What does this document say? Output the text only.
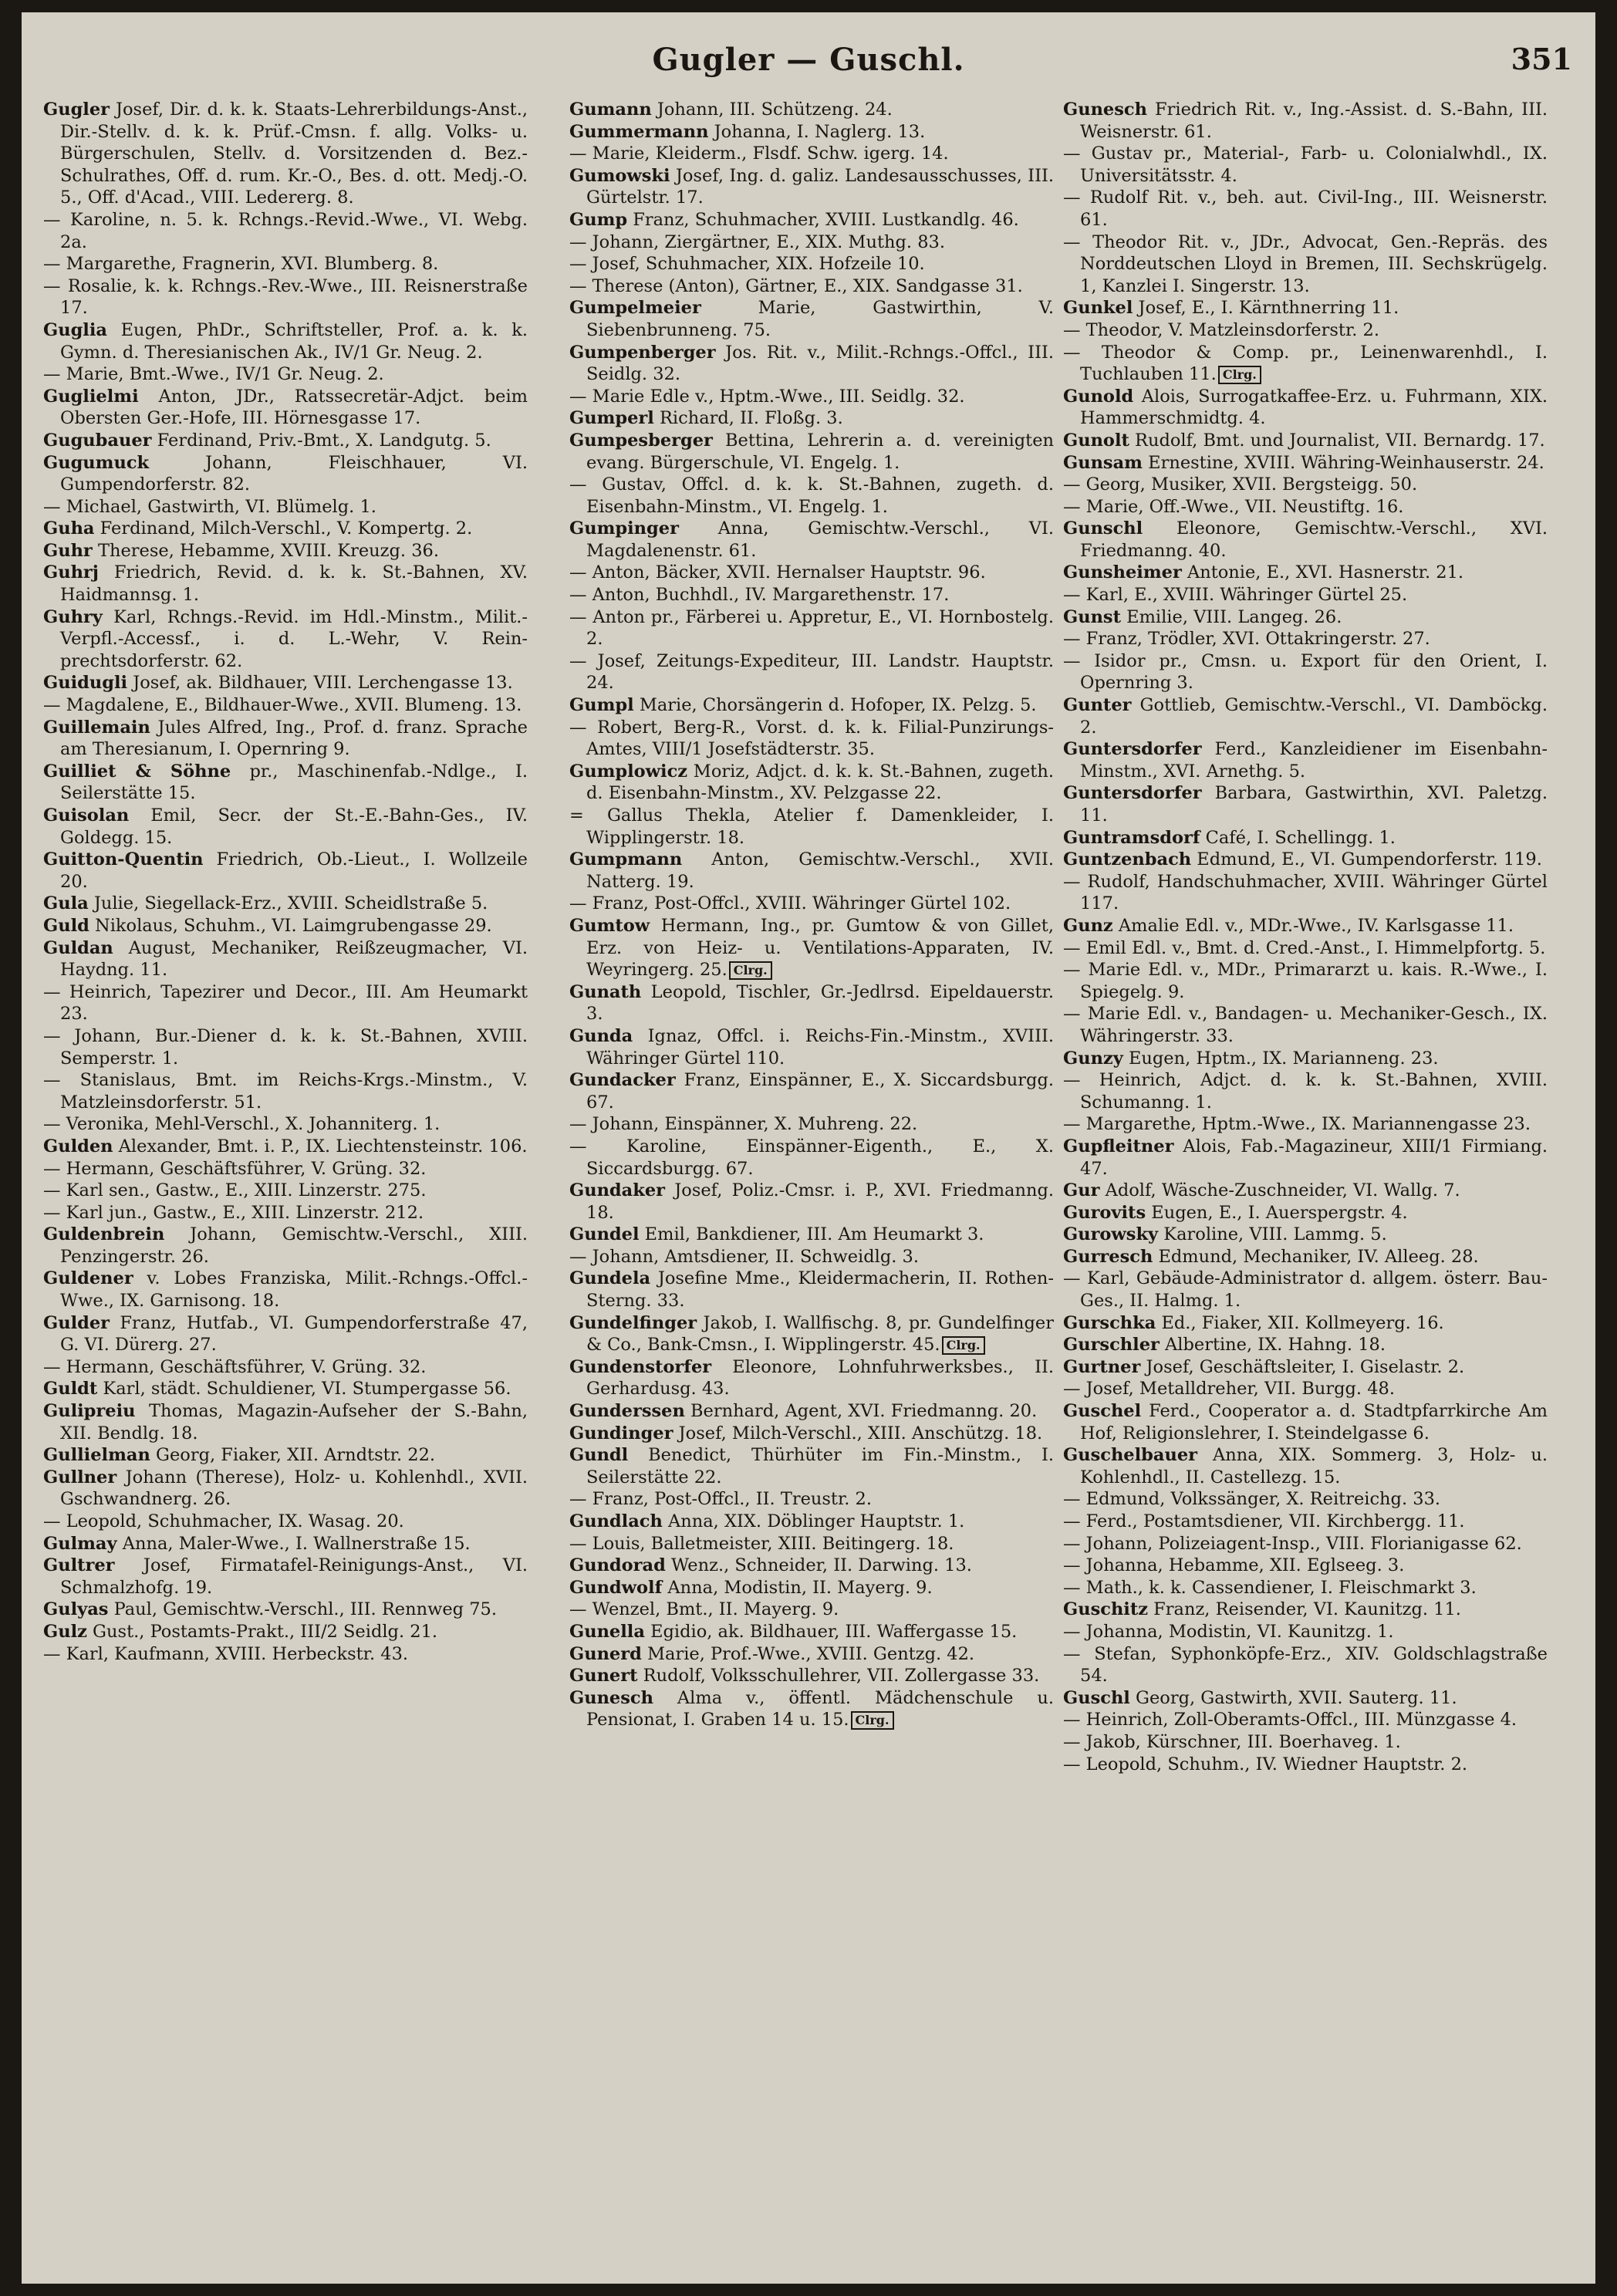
Gugler — Guschl.	351

Gugler Josef, Dir. d. k. k. Staats-Lehrerbildungs-Anst., Dir.-Stellv. d. k. k. Prüf.-Cmsn. f. allg. Volks- u. Bürgerschulen, Stellv. d. Vorsitzenden d. Bez.-Schulrathes, Off. d. rum. Kr.-O., Bes. d. ott. Medj.-O. 5., Off. d'Acad., VIII. Ledererg. 8.

— Karoline, n. 5. k. Rchngs.-Revid.-Wwe., VI. Webg. 2a.

— Margarethe, Fragnerin, XVI. Blumberg. 8.

— Rosalie, k. k. Rchngs.-Rev.-Wwe., III. Reisnerstraße 17.

Guglia Eugen, PhDr., Schriftsteller, Prof. a. k. k. Gymn. d. Theresianischen Ak., IV/1 Gr. Neug. 2.

— Marie, Bmt.-Wwe., IV/1 Gr. Neug. 2.

Guglielmi Anton, JDr., Ratssecretär-Adjct. beim Obersten Ger.-Hofe, III. Hörnesgasse 17.

Gugubauer Ferdinand, Priv.-Bmt., X. Landgutg. 5.

Gugumuck Johann, Fleischhauer, VI. Gumpendorferstr. 82.

— Michael, Gastwirth, VI. Blümelg. 1.

Guha Ferdinand, Milch-Verschl., V. Kompertg. 2.

Guhr Therese, Hebamme, XVIII. Kreuzg. 36.

Guhrj Friedrich, Revid. d. k. k. St.-Bahnen, XV. Haidmannsg. 1.

Guhry Karl, Rchngs.-Revid. im Hdl.-Minstm., Milit.-Verpfl.-Accessf., i. d. L.-Wehr, V. Reinprechtsdorferstr. 62.

Guidugli Josef, ak. Bildhauer, VIII. Lerchengasse 13.

— Magdalene, E., Bildhauer-Wwe., XVII. Blumeng. 13.

Guillemain Jules Alfred, Ing., Prof. d. franz. Sprache am Theresianum, I. Opernring 9.

Guilliet & Söhne pr., Maschinenfab.-Ndlge., I. Seilerstätte 15.

Guisolan Emil, Secr. der St.-E.-Bahn-Ges., IV. Goldegg. 15.

Guitton-Quentin Friedrich, Ob.-Lieut., I. Wollzeile 20.

Gula Julie, Siegellack-Erz., XVIII. Scheidlstraße 5.

Guld Nikolaus, Schuhm., VI. Laimgrubengasse 29.

Guldan August, Mechaniker, Reißzeugmacher, VI. Haydng. 11.

— Heinrich, Tapezirer und Decor., III. Am Heumarkt 23.

— Johann, Bur.-Diener d. k. k. St.-Bahnen, XVIII. Semperstr. 1.

— Stanislaus, Bmt. im Reichs-Krgs.-Minstm., V. Matzleinsdorferstr. 51.

— Veronika, Mehl-Verschl., X. Johanniterg. 1.

Gulden Alexander, Bmt. i. P., IX. Liechtensteinstr. 106.

— Hermann, Geschäftsführer, V. Grüng. 32.

— Karl sen., Gastw., E., XIII. Linzerstr. 275.

— Karl jun., Gastw., E., XIII. Linzerstr. 212.

Guldenbrein Johann, Gemischtw.-Verschl., XIII. Penzingerstr. 26.

Guldener v. Lobes Franziska, Milit.-Rchngs.-Offcl.-Wwe., IX. Garnisong. 18.

Gulder Franz, Hutfab., VI. Gumpendorferstraße 47, G. VI. Dürerg. 27.

— Hermann, Geschäftsführer, V. Grüng. 32.

Guldt Karl, städt. Schuldiener, VI. Stumpergasse 56.

Gulipreiu Thomas, Magazin-Aufseher der S.-Bahn, XII. Bendlg. 18.

Gullielman Georg, Fiaker, XII. Arndtstr. 22.

Gullner Johann (Therese), Holz- u. Kohlenhdl., XVII. Gschwandnerg. 26.

— Leopold, Schuhmacher, IX. Wasag. 20.

Gulmay Anna, Maler-Wwe., I. Wallnerstraße 15.

Gultrer Josef, Firmatafel-Reinigungs-Anst., VI. Schmalzhofg. 19.

Gulyas Paul, Gemischtw.-Verschl., III. Rennweg 75.

Gulz Gust., Postamts-Prakt., III/2 Seidlg. 21.

— Karl, Kaufmann, XVIII. Herbeckstr. 43.

Gumann Johann, III. Schützeng. 24.

Gummermann Johanna, I. Naglerg. 13.

— Marie, Kleiderm., Flsdf. Schw. igerg. 14.

Gumowski Josef, Ing. d. galiz. Landesausschusses, III. Gürtelstr. 17.

Gump Franz, Schuhmacher, XVIII. Lustkandlg. 46.

— Johann, Ziergärtner, E., XIX. Muthg. 83.

— Josef, Schuhmacher, XIX. Hofzeile 10.

— Therese (Anton), Gärtner, E., XIX. Sandgasse 31.

Gumpelmeier Marie, Gastwirthin, V. Siebenbrunneng. 75.

Gumpenberger Jos. Rit. v., Milit.-Rchngs.-Offcl., III. Seidlg. 32.

— Marie Edle v., Hptm.-Wwe., III. Seidlg. 32.

Gumperl Richard, II. Floßg. 3.

Gumpesberger Bettina, Lehrerin a. d. vereinigten evang. Bürgerschule, VI. Engelg. 1.

— Gustav, Offcl. d. k. k. St.-Bahnen, zugeth. d. Eisenbahn-Minstm., VI. Engelg. 1.

Gumpinger Anna, Gemischtw.-Verschl., VI. Magdalenenstr. 61.

— Anton, Bäcker, XVII. Hernalser Hauptstr. 96.

— Anton, Buchhdl., IV. Margarethenstr. 17.

— Anton pr., Färberei u. Appretur, E., VI. Hornbostelg. 2.

— Josef, Zeitungs-Expediteur, III. Landstr. Hauptstr. 24.

Gumpl Marie, Chorsängerin d. Hofoper, IX. Pelzg. 5.

— Robert, Berg-R., Vorst. d. k. k. Filial-Punzirungs-Amtes, VIII/1 Josefstädterstr. 35.

Gumplowicz Moriz, Adjct. d. k. k. St.-Bahnen, zugeth. d. Eisenbahn-Minstm., XV. Pelzgasse 22.

= Gallus Thekla, Atelier f. Damenkleider, I. Wipplingerstr. 18.

Gumpmann Anton, Gemischtw.-Verschl., XVII. Natterg. 19.

— Franz, Post-Offcl., XVIII. Währinger Gürtel 102.

Gumtow Hermann, Ing., pr. Gumtow & von Gillet, Erz. von Heiz- u. Ventilations-Apparaten, IV. Weyringerg. 25. Clrg.

Gunath Leopold, Tischler, Gr.-Jedlrsd. Eipeldauerstr. 3.

Gunda Ignaz, Offcl. i. Reichs-Fin.-Minstm., XVIII. Währinger Gürtel 110.

Gundacker Franz, Einspänner, E., X. Siccardsburgg. 67.

— Johann, Einspänner, X. Muhreng. 22.

— Karoline, Einspänner-Eigenth., E., X. Siccardsburgg. 67.

Gundaker Josef, Poliz.-Cmsr. i. P., XVI. Friedmanng. 18.

Gundel Emil, Bankdiener, III. Am Heumarkt 3.

— Johann, Amtsdiener, II. Schweidlg. 3.

Gundela Josefine Mme., Kleidermacherin, II. Rothen-Sterng. 33.

Gundelfinger Jakob, I. Wallfischg. 8, pr. Gundelfinger & Co., Bank-Cmsn., I. Wipplingerstr. 45. Clrg.

Gundenstorfer Eleonore, Lohnfuhrwerksbes., II. Gerhardusg. 43.

Gunderssen Bernhard, Agent, XVI. Friedmanng. 20.

Gundinger Josef, Milch-Verschl., XIII. Anschützg. 18.

Gundl Benedict, Thürhüter im Fin.-Minstm., I. Seilerstätte 22.

— Franz, Post-Offcl., II. Treustr. 2.

Gundlach Anna, XIX. Döblinger Hauptstr. 1.

— Louis, Balletmeister, XIII. Beitingerg. 18.

Gundorad Wenz., Schneider, II. Darwing. 13.

Gundwolf Anna, Modistin, II. Mayerg. 9.

— Wenzel, Bmt., II. Mayerg. 9.

Gunella Egidio, ak. Bildhauer, III. Waffergasse 15.

Gunerd Marie, Prof.-Wwe., XVIII. Gentzg. 42.

Gunert Rudolf, Volksschullehrer, VII. Zollergasse 33.

Gunesch Alma v., öffentl. Mädchenschule u. Pensionat, I. Graben 14 u. 15. Clrg.

Gunesch Friedrich Rit. v., Ing.-Assist. d. S.-Bahn, III. Weisnerstr. 61.

— Gustav pr., Material-, Farb- u. Colonialwhdl., IX. Universitätsstr. 4.

— Rudolf Rit. v., beh. aut. Civil-Ing., III. Weisnerstr. 61.

— Theodor Rit. v., JDr., Advocat, Gen.-Repräs. des Norddeutschen Lloyd in Bremen, III. Sechskrügelg. 1, Kanzlei I. Singerstr. 13.

Gunkel Josef, E., I. Kärnthnerring 11.

— Theodor, V. Matzleinsdorferstr. 2.

— Theodor & Comp. pr., Leinenwarenhdl., I. Tuchlauben 11. Clrg.

Gunold Alois, Surrogatkaffee-Erz. u. Fuhrmann, XIX. Hammerschmidtg. 4.

Gunolt Rudolf, Bmt. und Journalist, VII. Bernardg. 17.

Gunsam Ernestine, XVIII. Währing-Weinhauserstr. 24.

— Georg, Musiker, XVII. Bergsteigg. 50.

— Marie, Off.-Wwe., VII. Neustiftg. 16.

Gunschl Eleonore, Gemischtw.-Verschl., XVI. Friedmanng. 40.

Gunsheimer Antonie, E., XVI. Hasnerstr. 21.

— Karl, E., XVIII. Währinger Gürtel 25.

Gunst Emilie, VIII. Langeg. 26.

— Franz, Trödler, XVI. Ottakringerstr. 27.

— Isidor pr., Cmsn. u. Export für den Orient, I. Opernring 3.

Gunter Gottlieb, Gemischtw.-Verschl., VI. Damböckg. 2.

Guntersdorfer Ferd., Kanzleidiener im Eisenbahn-Minstm., XVI. Arnethg. 5.

Guntersdorfer Barbara, Gastwirthin, XVI. Paletzg. 11.

Guntramsdorf Café, I. Schellingg. 1.

Guntzenbach Edmund, E., VI. Gumpendorferstr. 119.

— Rudolf, Handschuhmacher, XVIII. Währinger Gürtel 117.

Gunz Amalie Edl. v., MDr.-Wwe., IV. Karlsgasse 11.

— Emil Edl. v., Bmt. d. Cred.-Anst., I. Himmelpfortg. 5.

— Marie Edl. v., MDr., Primararzt u. kais. R.-Wwe., I. Spiegelg. 9.

— Marie Edl. v., Bandagen- u. Mechaniker-Gesch., IX. Währingerstr. 33.

Gunzy Eugen, Hptm., IX. Marianneng. 23.

— Heinrich, Adjct. d. k. k. St.-Bahnen, XVIII. Schumanng. 1.

— Margarethe, Hptm.-Wwe., IX. Mariannengasse 23.

Gupfleitner Alois, Fab.-Magazineur, XIII/1 Firmiang. 47.

Gur Adolf, Wäsche-Zuschneider, VI. Wallg. 7.

Gurovits Eugen, E., I. Auerspergstr. 4.

Gurowsky Karoline, VIII. Lammg. 5.

Gurresch Edmund, Mechaniker, IV. Alleeg. 28.

— Karl, Gebäude-Administrator d. allgem. österr. Bau-Ges., II. Halmg. 1.

Gurschka Ed., Fiaker, XII. Kollmeyerg. 16.

Gurschler Albertine, IX. Hahng. 18.

Gurtner Josef, Geschäftsleiter, I. Giselastr. 2.

— Josef, Metalldreher, VII. Burgg. 48.

Guschel Ferd., Cooperator a. d. Stadtpfarrkirche Am Hof, Religionslehrer, I. Steindelgasse 6.

Guschelbauer Anna, XIX. Sommerg. 3, Holz- u. Kohlenhdl., II. Castellezg. 15.

— Edmund, Volkssänger, X. Reitreichg. 33.

— Ferd., Postamtsdiener, VII. Kirchbergg. 11.

— Johann, Polizeiagent-Insp., VIII. Florianigasse 62.

— Johanna, Hebamme, XII. Eglseeg. 3.

— Math., k. k. Cassendiener, I. Fleischmarkt 3.

Guschitz Franz, Reisender, VI. Kaunitzg. 11.

— Johanna, Modistin, VI. Kaunitzg. 1.

— Stefan, Syphonköpfe-Erz., XIV. Goldschlagstraße 54.

Guschl Georg, Gastwirth, XVII. Sauterg. 11.

— Heinrich, Zoll-Oberamts-Offcl., III. Münzgasse 4.

— Jakob, Kürschner, III. Boerhaveg. 1.

— Leopold, Schuhm., IV. Wiedner Hauptstr. 2.
